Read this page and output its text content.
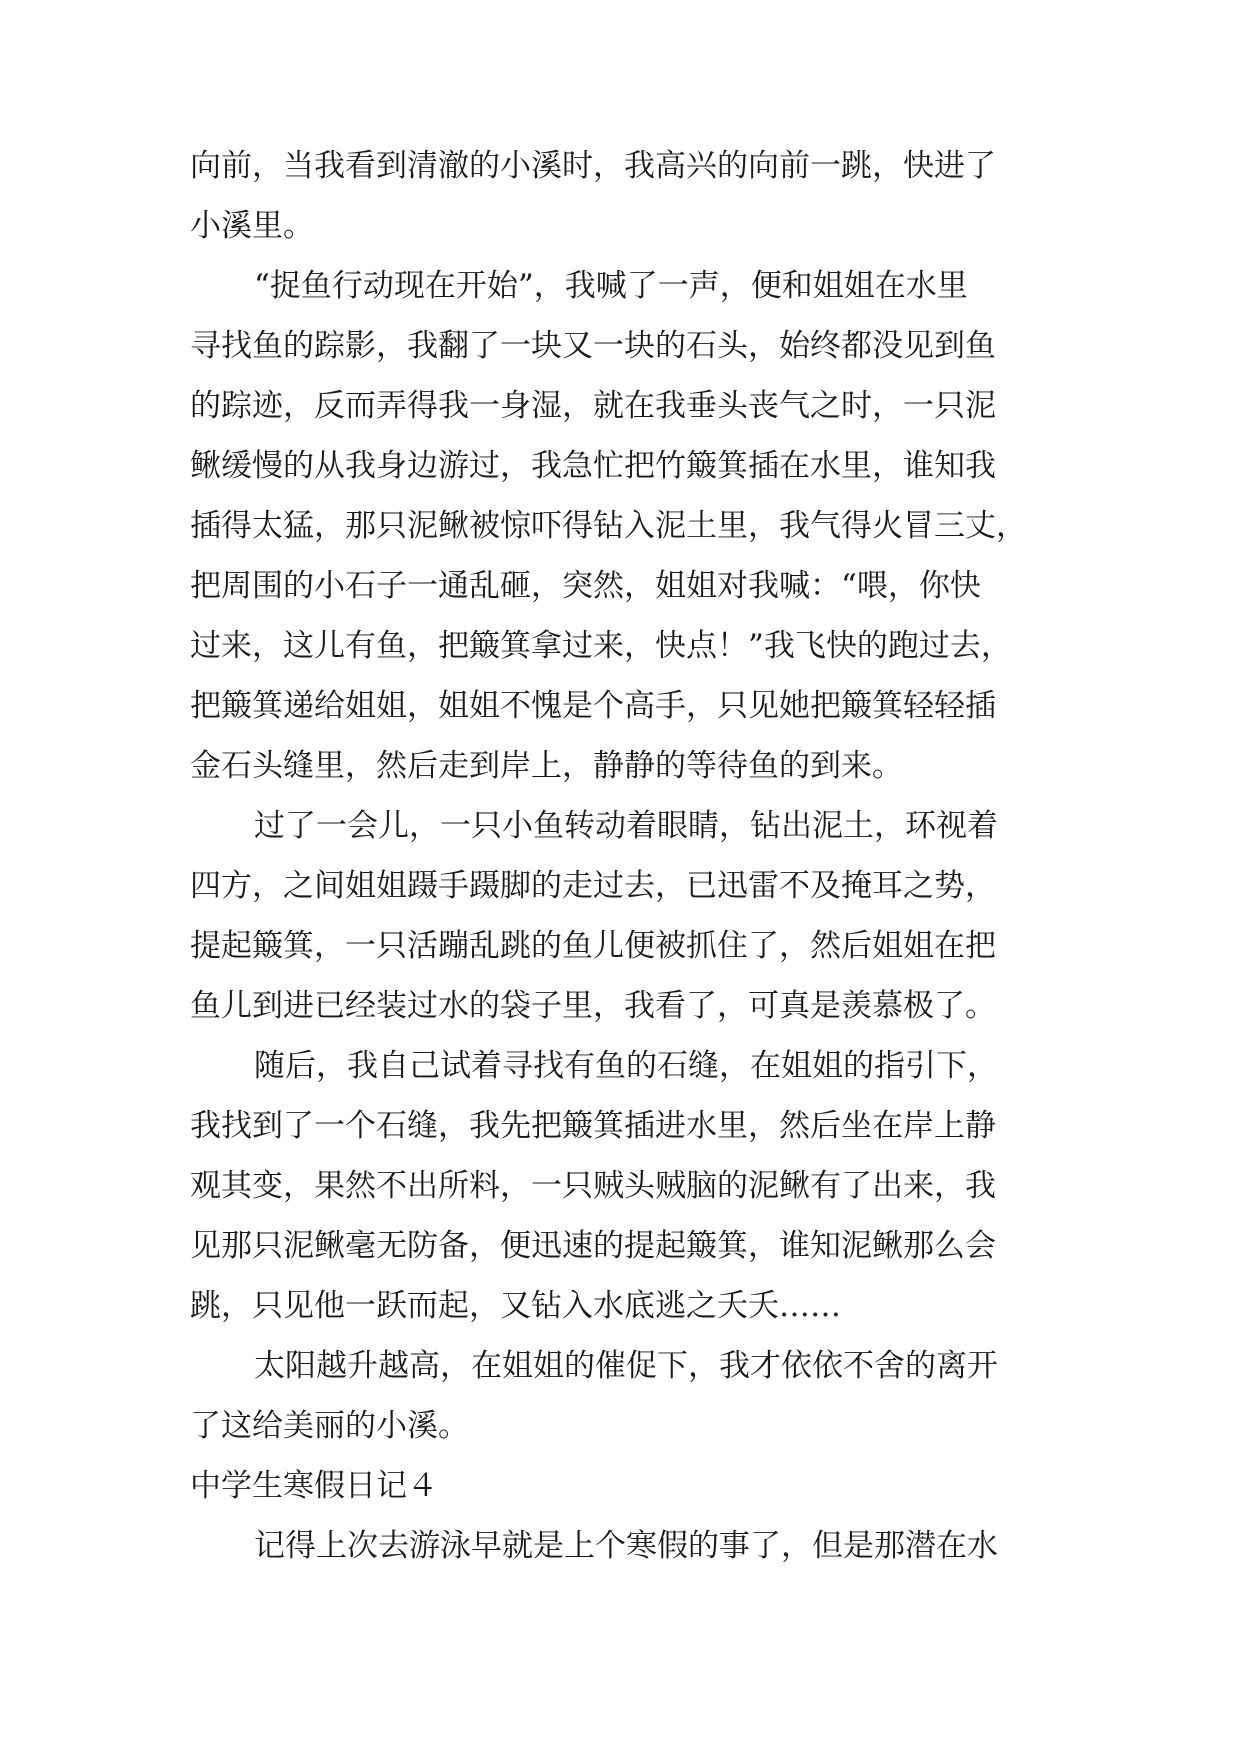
向前，当我看到清澈的小溪时，我高兴的向前一跳，快进了
小溪里。
“捉鱼行动现在开始”，我喊了一声，便和姐姐在水里
寻找鱼的踪影，我翻了一块又一块的石头，始终都没见到鱼
的踪迹，反而弄得我一身湿，就在我垂头丧气之时，一只泥
鳅缓慢的从我身边游过，我急忙把竹簸箕插在水里，谁知我
插得太猛，那只泥鳅被惊吓得钻入泥土里，我气得火冒三丈，
把周围的小石子一通乱砸，突然，姐姐对我喊：“喂，你快
过来，这儿有鱼，把簸箕拿过来，快点！”我飞快的跑过去，
把簸箕递给姐姐，姐姐不愧是个高手，只见她把簸箕轻轻插
金石头缝里，然后走到岸上，静静的等待鱼的到来。
过了一会儿，一只小鱼转动着眼睛，钻出泥土，环视着
四方，之间姐姐蹑手蹑脚的走过去，已迅雷不及掩耳之势，
提起簸箕，一只活蹦乱跳的鱼儿便被抓住了，然后姐姐在把
鱼儿到进已经装过水的袋子里，我看了，可真是羡慕极了。
随后，我自己试着寻找有鱼的石缝，在姐姐的指引下，
我找到了一个石缝，我先把簸箕插进水里，然后坐在岸上静
观其变，果然不出所料，一只贼头贼脑的泥鳅有了出来，我
见那只泥鳅毫无防备，便迅速的提起簸箕，谁知泥鳅那么会
跳，只见他一跃而起，又钻入水底逃之夭夭……
太阳越升越高，在姐姐的催促下，我才依依不舍的离开
了这给美丽的小溪。
中学生寒假日记４
记得上次去游泳早就是上个寒假的事了，但是那潜在水
